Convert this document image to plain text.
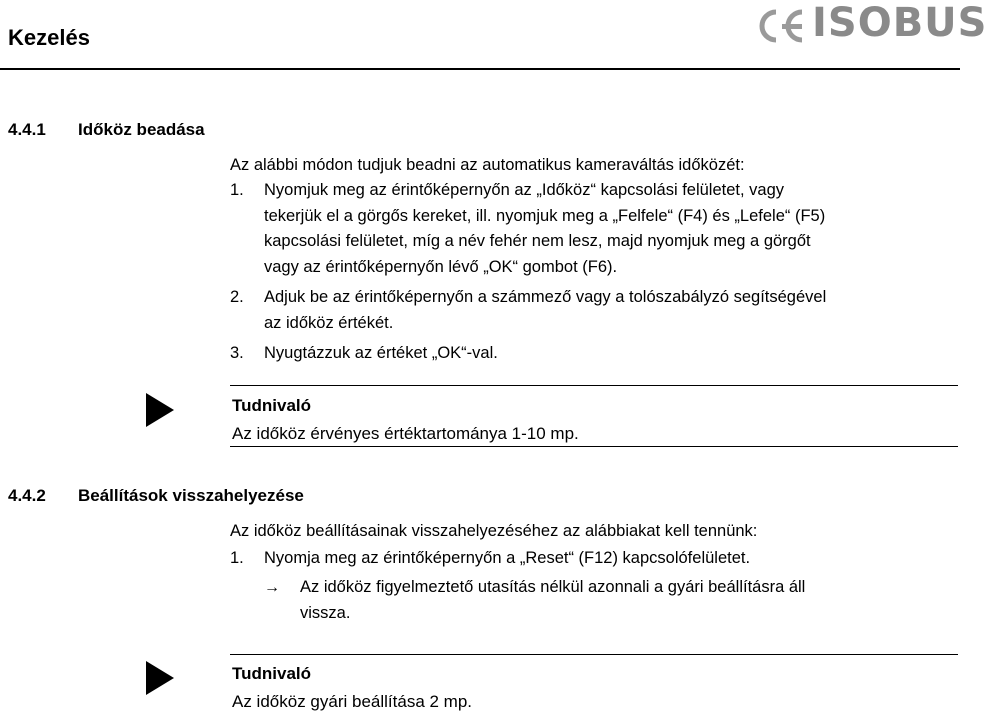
Kezelés	ISOBUS
4.4.1 Időköz beadása
Az alábbi módon tudjuk beadni az automatikus kameraváltás időközét:
1. Nyomjuk meg az érintőképernyőn az „Időköz“ kapcsolási felületet, vagy
tekerjük el a görgős kereket, ill. nyomjuk meg a „Felfele“ (F4) és „Lefele“ (F5)
kapcsolási felületet, míg a név fehér nem lesz, majd nyomjuk meg a görgőt
vagy az érintőképernyőn lévő „OK“ gombot (F6).
2. Adjuk be az érintőképernyőn a számmező vagy a tolószabályzó segítségével
az időköz értékét.
3. Nyugtázzuk az értéket „OK“-val.
Tudnivaló
Az időköz érvényes értéktartománya 1-10 mp.
4.4.2 Beállítások visszahelyezése
Az időköz beállításainak visszahelyezéséhez az alábbiakat kell tennünk:
1. Nyomja meg az érintőképernyőn a „Reset“ (F12) kapcsolófelületet.
→ Az időköz figyelmeztető utasítás nélkül azonnali a gyári beállításra áll
vissza.
Tudnivaló
Az időköz gyári beállítása 2 mp.
